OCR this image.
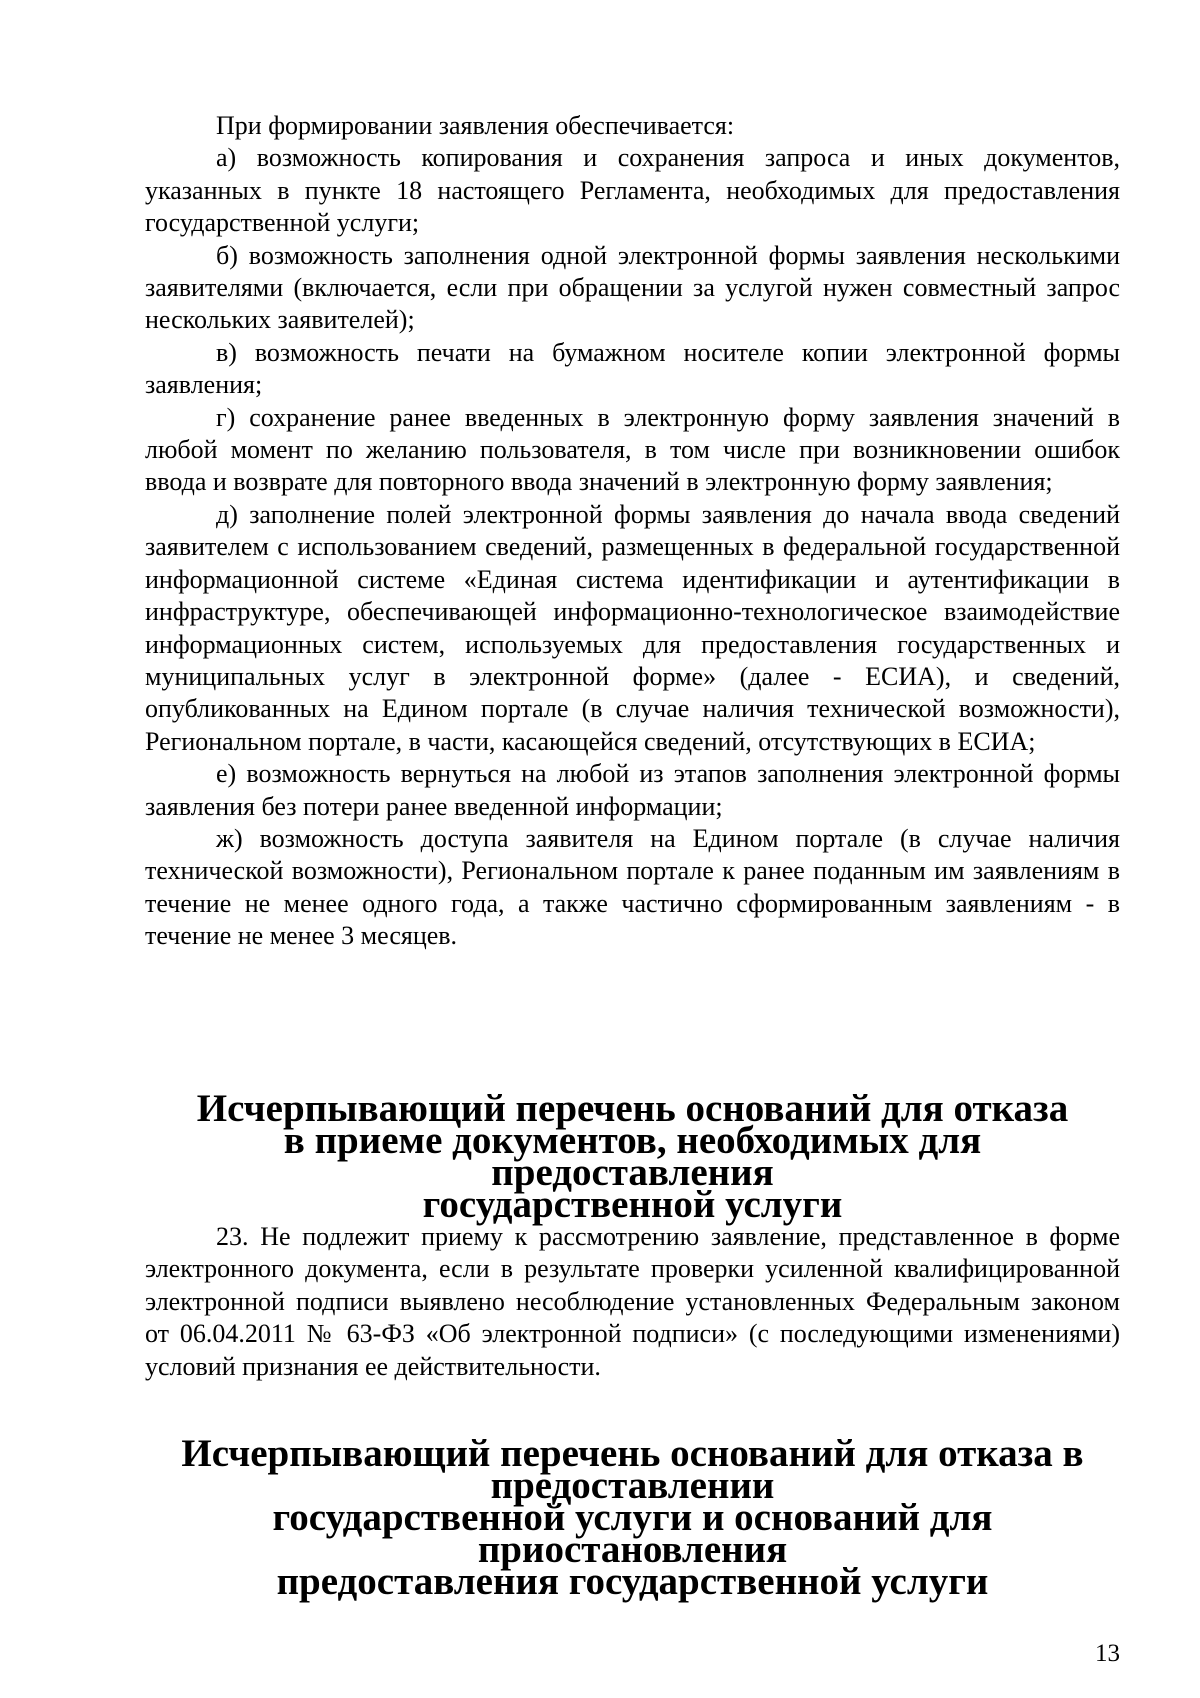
При формировании заявления обеспечивается:

а) возможность копирования и сохранения запроса и иных документов, указанных в пункте 18 настоящего Регламента, необходимых для предоставления государственной услуги;

б) возможность заполнения одной электронной формы заявления несколькими заявителями (включается, если при обращении за услугой нужен совместный запрос нескольких заявителей);

в) возможность печати на бумажном носителе копии электронной формы заявления;

г) сохранение ранее введенных в электронную форму заявления значений в любой момент по желанию пользователя, в том числе при возникновении ошибок ввода и возврате для повторного ввода значений в электронную форму заявления;

д) заполнение полей электронной формы заявления до начала ввода сведений заявителем с использованием сведений, размещенных в федеральной государственной информационной системе «Единая система идентификации и аутентификации в инфраструктуре, обеспечивающей информационно-технологическое взаимодействие информационных систем, используемых для предоставления государственных и муниципальных услуг в электронной форме» (далее - ЕСИА), и сведений, опубликованных на Едином портале (в случае наличия технической возможности), Региональном портале, в части, касающейся сведений, отсутствующих в ЕСИА;

е) возможность вернуться на любой из этапов заполнения электронной формы заявления без потери ранее введенной информации;

ж) возможность доступа заявителя на Едином портале (в случае наличия технической возможности), Региональном портале к ранее поданным им заявлениям в течение не менее одного года, а также частично сформированным заявлениям - в течение не менее 3 месяцев.

Исчерпывающий перечень оснований для отказа
в приеме документов, необходимых для предоставления
государственной услуги

23. Не подлежит приему к рассмотрению заявление, представленное в форме электронного документа, если в результате проверки усиленной квалифицированной электронной подписи выявлено несоблюдение установленных Федеральным законом от 06.04.2011 № 63-ФЗ «Об электронной подписи» (с последующими изменениями) условий признания ее действительности.

Исчерпывающий перечень оснований для отказа в предоставлении
государственной услуги и оснований для приостановления
предоставления государственной услуги
13
